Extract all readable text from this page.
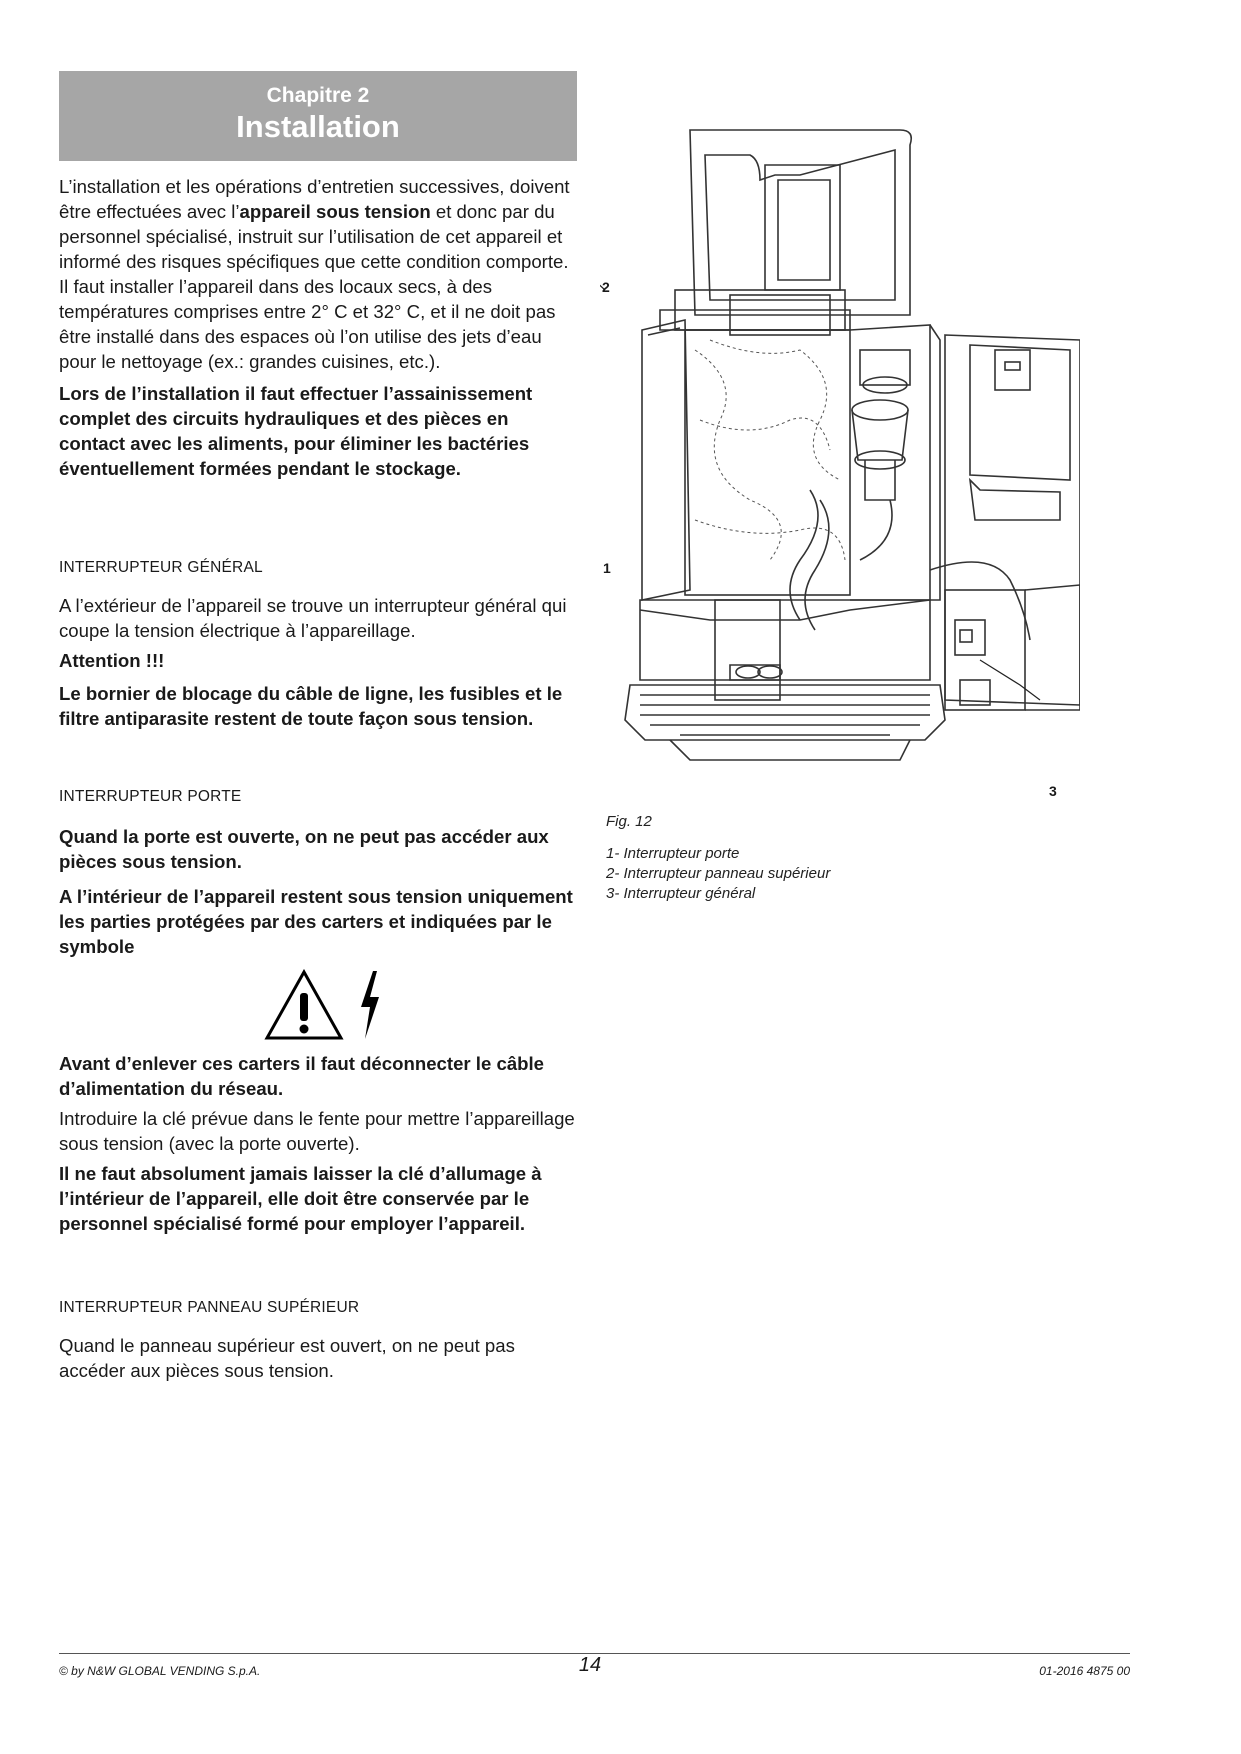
Chapitre 2
Installation

L’installation et les opérations d’entretien successives, doivent être effectuées avec l’appareil sous tension et donc par du personnel spécialisé, instruit sur l’utilisation de cet appareil et informé des risques spécifiques que cette condition comporte.

Il faut installer l’appareil dans des locaux secs, à des températures comprises entre 2° C et 32° C, et il ne doit pas être installé dans des espaces où l’on utilise des jets d’eau pour le nettoyage (ex.: grandes cuisines, etc.).

Lors de l’installation il faut effectuer l’assainissement complet des circuits hydrauliques et des pièces en contact avec les aliments, pour éliminer les bactéries éventuellement formées pendant le stockage.

INTERRUPTEUR GÉNÉRAL

A l’extérieur de l’appareil se trouve un interrupteur général qui coupe la tension électrique à l’appareillage.

Attention !!!

Le bornier de blocage du câble de ligne, les fusibles et le filtre antiparasite restent de toute façon sous tension.

INTERRUPTEUR PORTE

Quand la porte est ouverte, on ne peut pas accéder aux pièces sous tension.

A l’intérieur de l’appareil restent sous tension uniquement les parties protégées par des carters et indiquées par le symbole

Avant d’enlever ces carters il faut déconnecter le câble d’alimentation du réseau.

Introduire la clé prévue dans le fente pour mettre l’appareillage sous tension (avec la porte ouverte).

Il ne faut absolument jamais laisser la clé d’allumage à l’intérieur de l’appareil, elle doit être conservée par le personnel spécialisé formé pour employer l’appareil.

INTERRUPTEUR PANNEAU SUPÉRIEUR

Quand le panneau supérieur est ouvert, on ne peut pas accéder aux pièces sous tension.

2
1
3
Fig. 12
1- Interrupteur porte
2- Interrupteur panneau supérieur
3- Interrupteur général
© by N&W GLOBAL VENDING S.p.A.	14	01-2016 4875 00
